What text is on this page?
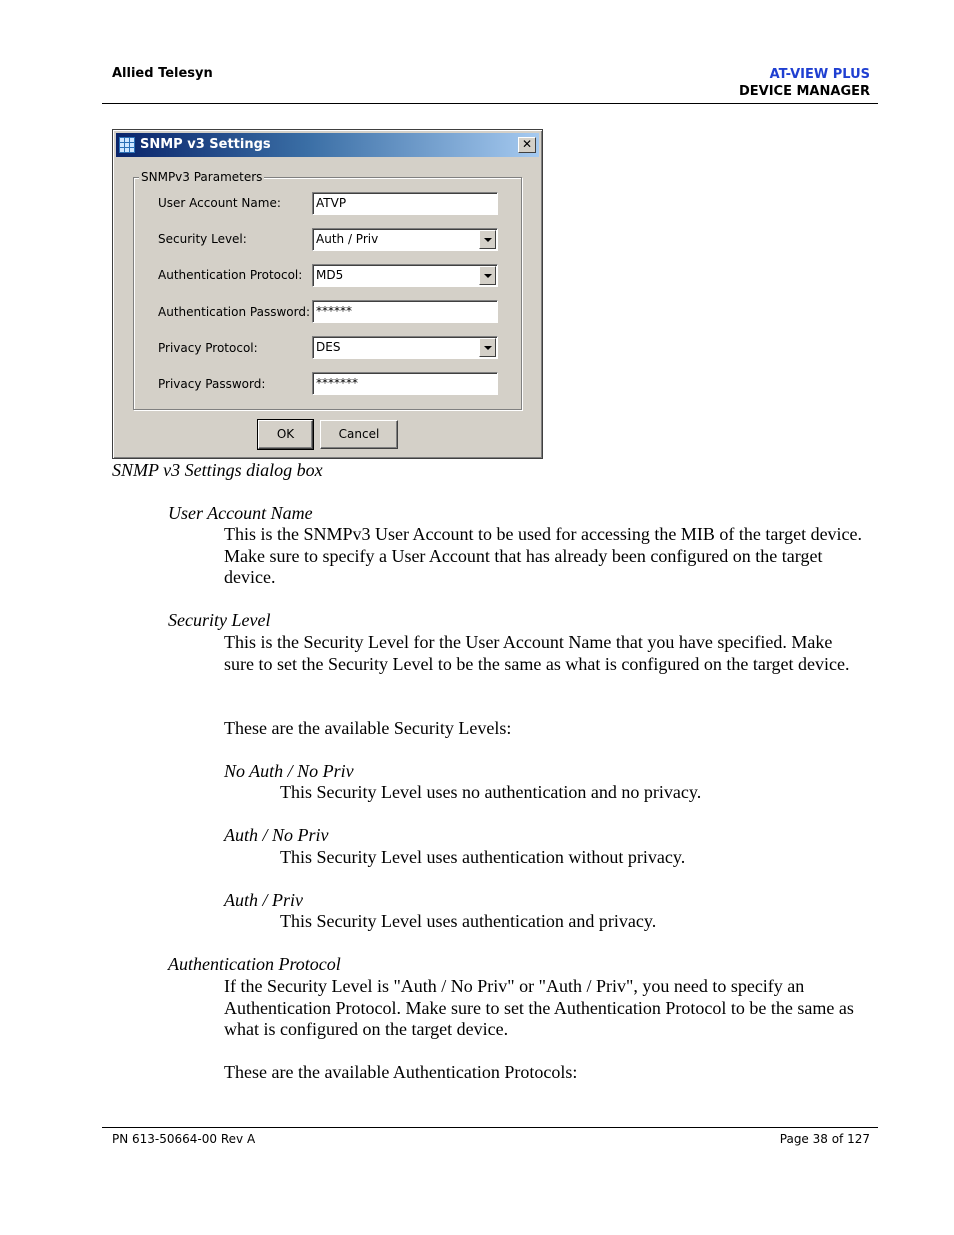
Allied Telesyn	AT-VIEW PLUS
DEVICE MANAGER
SNMP v3 Settings	✕
SNMPv3 Parameters
User Account Name:	ATVP
Security Level:	Auth / Priv
Authentication Protocol:	MD5
Authentication Password: ******
Privacy Protocol:	DES
Privacy Password:	*******
OK	Cancel
SNMP v3 Settings dialog box
User Account Name
This is the SNMPv3 User Account to be used for accessing the MIB of the target device. Make sure to specify a User Account that has already been configured on the target device.
Security Level
This is the Security Level for the User Account Name that you have specified. Make sure to set the Security Level to be the same as what is configured on the target device.
These are the available Security Levels:
No Auth / No Priv
This Security Level uses no authentication and no privacy.
Auth / No Priv
This Security Level uses authentication without privacy.
Auth / Priv
This Security Level uses authentication and privacy.
Authentication Protocol
If the Security Level is "Auth / No Priv" or "Auth / Priv", you need to specify an Authentication Protocol. Make sure to set the Authentication Protocol to be the same as what is configured on the target device.
These are the available Authentication Protocols:
PN 613-50664-00 Rev A	Page 38 of 127
